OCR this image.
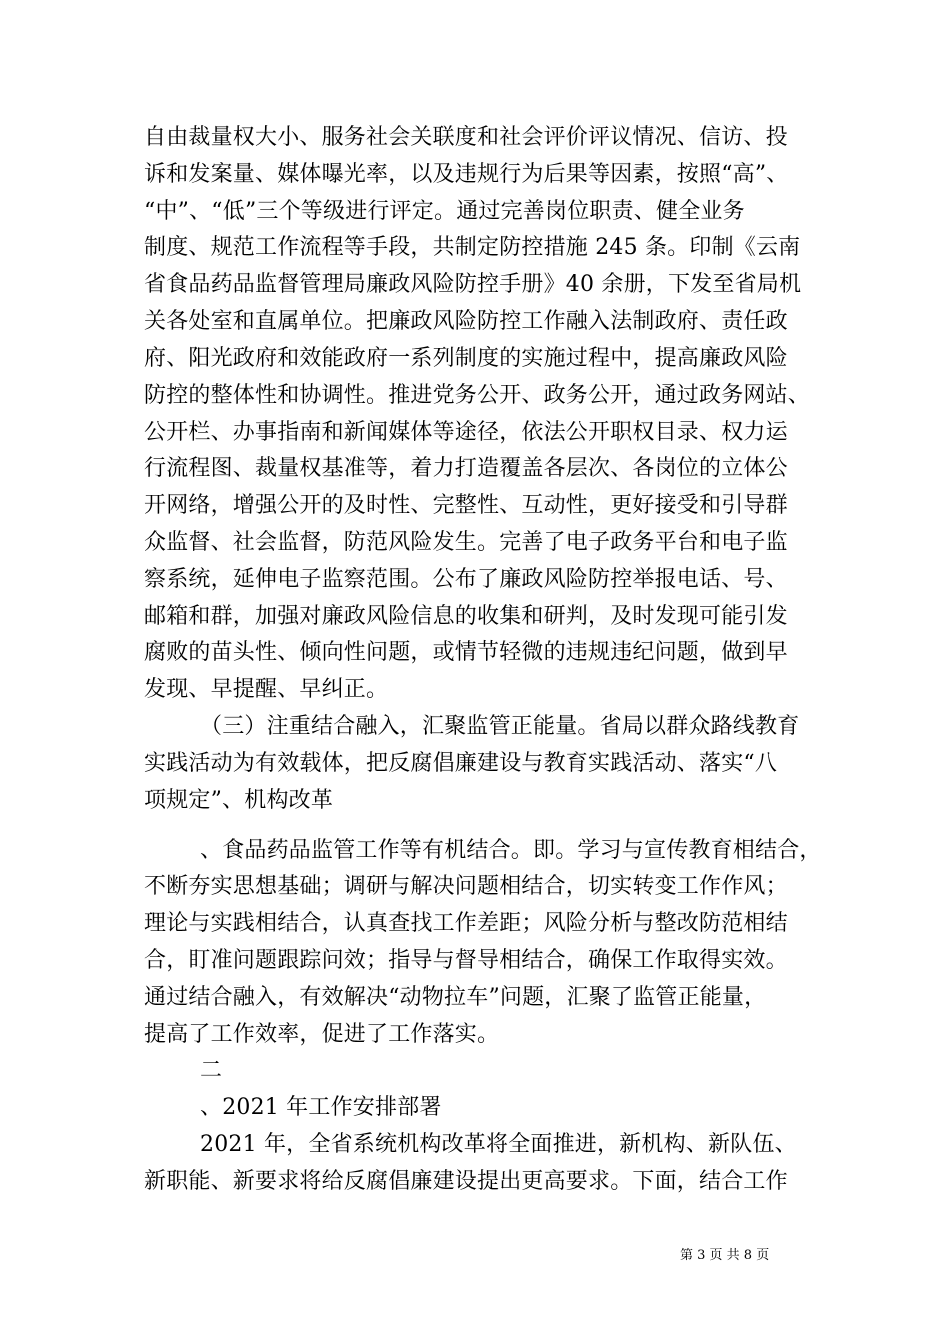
自由裁量权大小、服务社会关联度和社会评价评议情况、信访、投
诉和发案量、媒体曝光率，以及违规行为后果等因素，按照“高”、
“中”、“低”三个等级进行评定。通过完善岗位职责、健全业务
制度、规范工作流程等手段，共制定防控措施 245 条。印制《云南
省食品药品监督管理局廉政风险防控手册》40 余册，下发至省局机
关各处室和直属单位。把廉政风险防控工作融入法制政府、责任政
府、阳光政府和效能政府一系列制度的实施过程中，提高廉政风险
防控的整体性和协调性。推进党务公开、政务公开，通过政务网站、
公开栏、办事指南和新闻媒体等途径，依法公开职权目录、权力运
行流程图、裁量权基准等，着力打造覆盖各层次、各岗位的立体公
开网络，增强公开的及时性、完整性、互动性，更好接受和引导群
众监督、社会监督，防范风险发生。完善了电子政务平台和电子监
察系统，延伸电子监察范围。公布了廉政风险防控举报电话、号、
邮箱和群，加强对廉政风险信息的收集和研判，及时发现可能引发
腐败的苗头性、倾向性问题，或情节轻微的违规违纪问题，做到早
发现、早提醒、早纠正。
（三）注重结合融入，汇聚监管正能量。省局以群众路线教育
实践活动为有效载体，把反腐倡廉建设与教育实践活动、落实“八
项规定”、机构改革
、食品药品监管工作等有机结合。即。学习与宣传教育相结合，
不断夯实思想基础；调研与解决问题相结合，切实转变工作作风；
理论与实践相结合，认真查找工作差距；风险分析与整改防范相结
合，盯准问题跟踪问效；指导与督导相结合，确保工作取得实效。
通过结合融入，有效解决“动物拉车”问题，汇聚了监管正能量，
提高了工作效率，促进了工作落实。
二
、2021 年工作安排部署
2021 年，全省系统机构改革将全面推进，新机构、新队伍、
新职能、新要求将给反腐倡廉建设提出更高要求。下面，结合工作
第 3 页 共 8 页
